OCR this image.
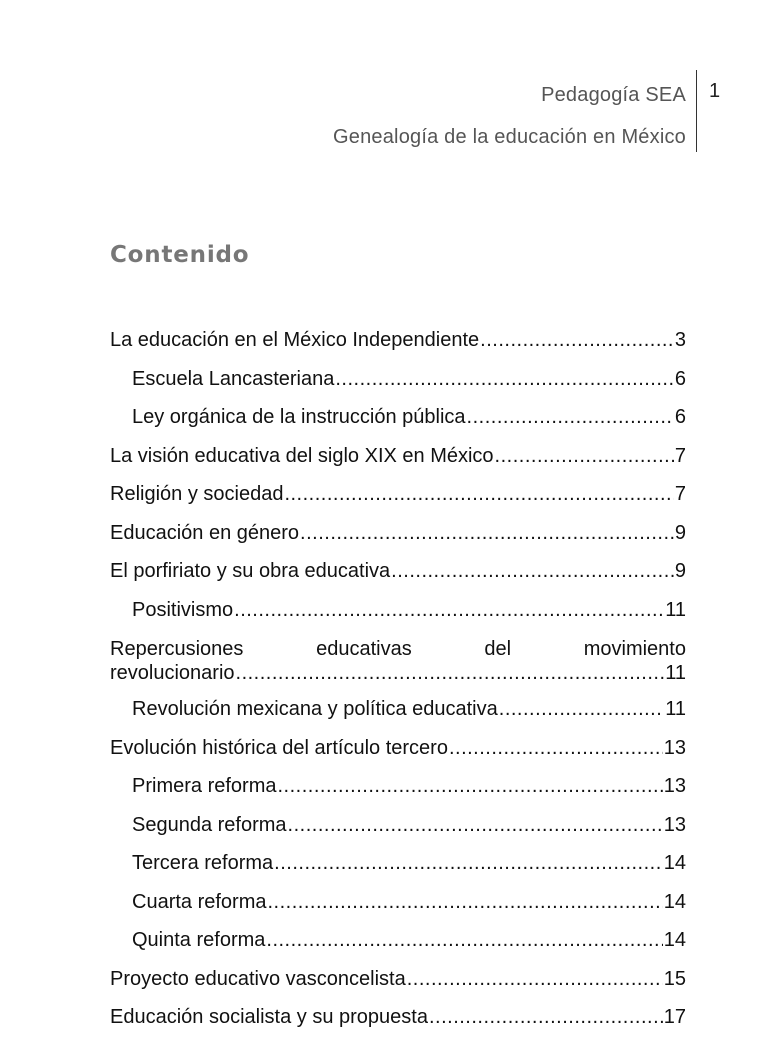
Pedagogía SEA
Genealogía de la educación en México
1
Contenido
La educación en el México Independiente .....	3
Escuela Lancasteriana .....	6
Ley orgánica de la instrucción pública .....	6
La visión educativa del siglo XIX en México .....	7
Religión y sociedad .....	7
Educación en género .....	9
El porfiriato y su obra educativa .....	9
Positivismo .....	11
Repercusiones	educativas	del	movimiento
revolucionario .....	11
Revolución mexicana y política educativa .....	11
Evolución histórica del artículo tercero .....	13
Primera reforma .....	13
Segunda reforma .....	13
Tercera reforma .....	14
Cuarta reforma .....	14
Quinta reforma .....	14
Proyecto educativo vasconcelista .....	15
Educación socialista y su propuesta .....	17
